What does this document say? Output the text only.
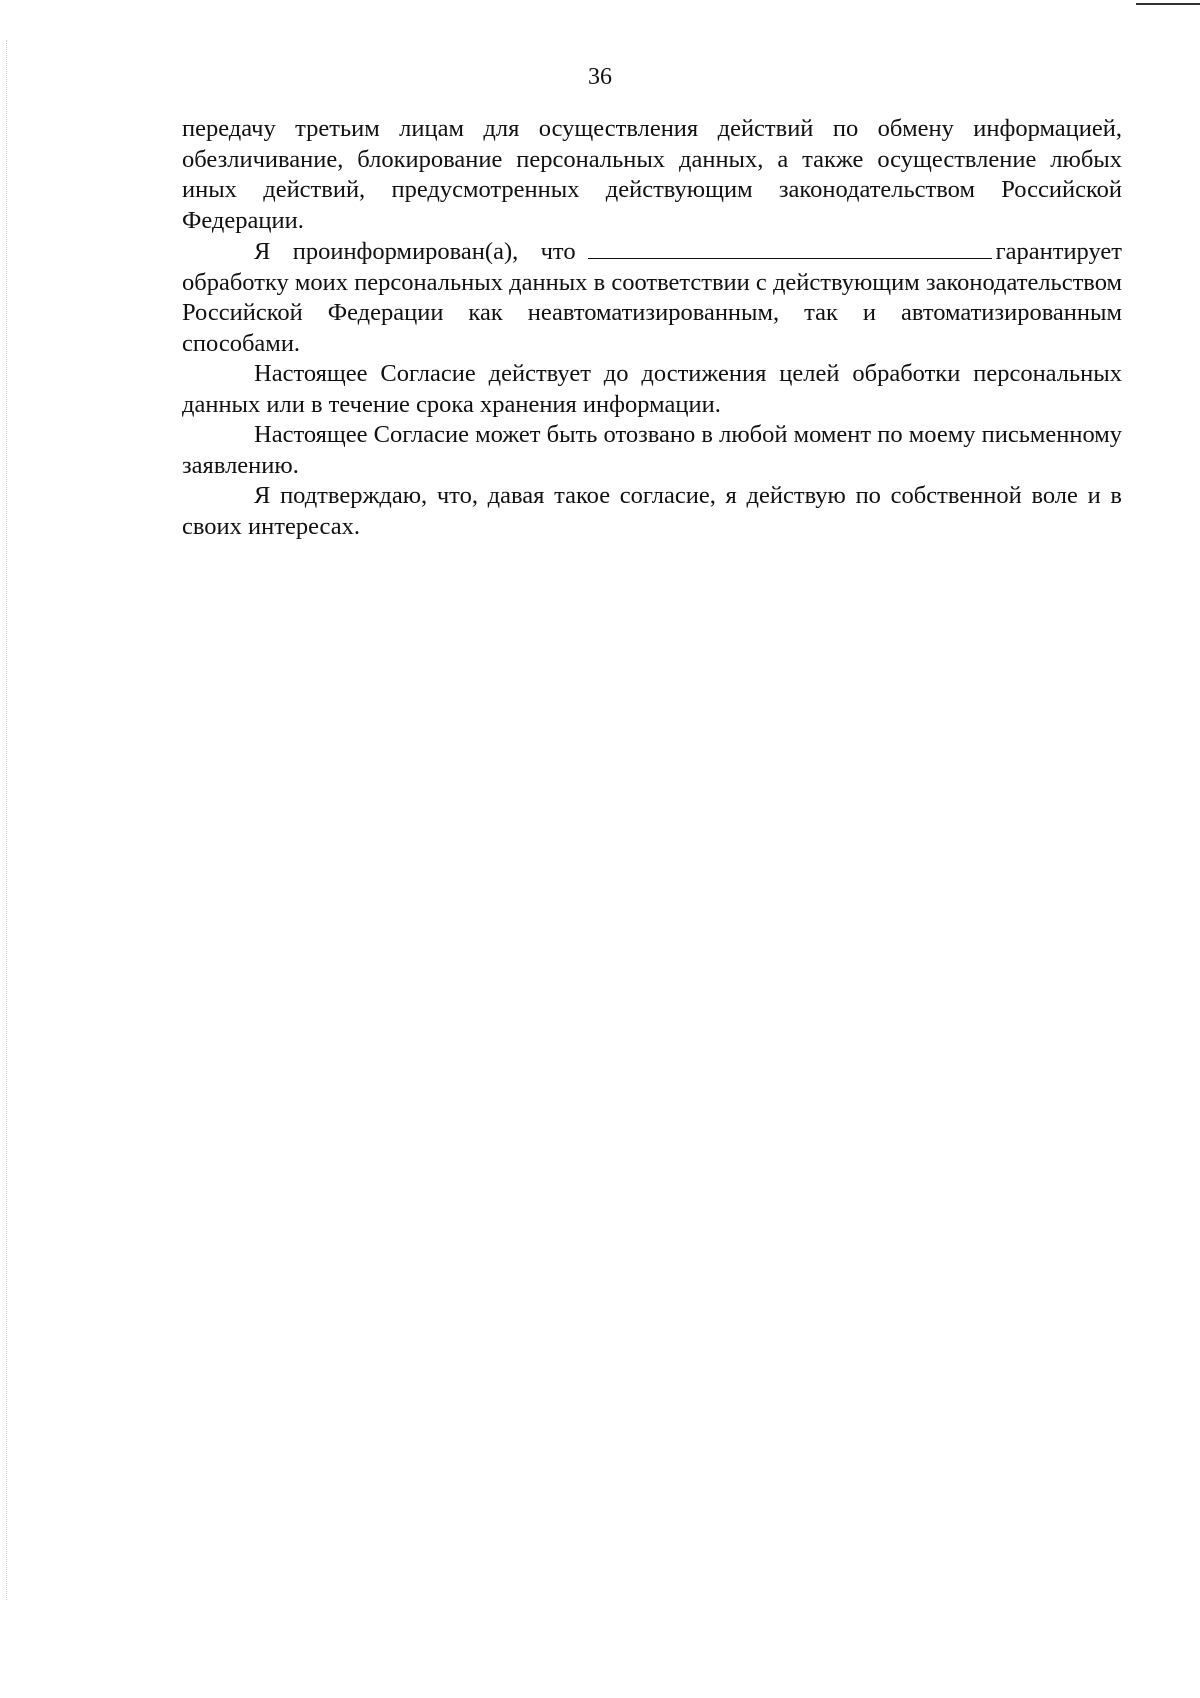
36

передачу третьим лицам для осуществления действий по обмену информацией, обезличивание, блокирование персональных данных, а также осуществление любых иных действий, предусмотренных действующим законодательством Российской Федерации.

Я проинформирован(а), что	гарантирует обработку моих персональных данных в соответствии с действующим законодательством Российской Федерации как неавтоматизированным, так и автоматизированным способами.

Настоящее Согласие действует до достижения целей обработки персональных данных или в течение срока хранения информации.

Настоящее Согласие может быть отозвано в любой момент по моему письменному заявлению.

Я подтверждаю, что, давая такое согласие, я действую по собственной воле и в своих интересах.
